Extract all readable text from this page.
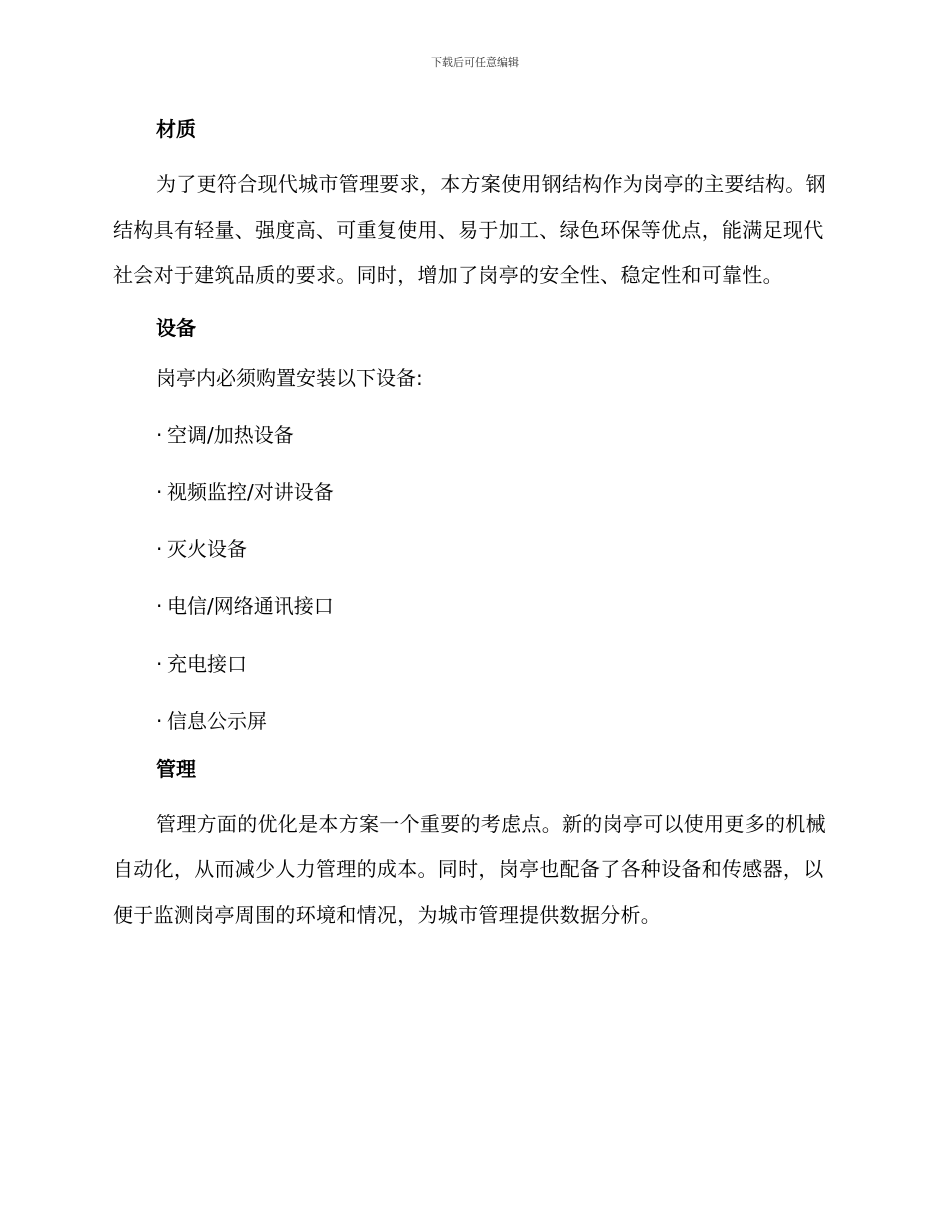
下载后可任意编辑
材质

为了更符合现代城市管理要求，本方案使用钢结构作为岗亭的主要结构。钢结构具有轻量、强度高、可重复使用、易于加工、绿色环保等优点，能满足现代社会对于建筑品质的要求。同时，增加了岗亭的安全性、稳定性和可靠性。

设备
岗亭内必须购置安装以下设备:
· 空调/加热设备
· 视频监控/对讲设备
· 灭火设备
· 电信/网络通讯接口
· 充电接口
· 信息公示屏
管理

管理方面的优化是本方案一个重要的考虑点。新的岗亭可以使用更多的机械自动化，从而减少人力管理的成本。同时，岗亭也配备了各种设备和传感器，以便于监测岗亭周围的环境和情况，为城市管理提供数据分析。
